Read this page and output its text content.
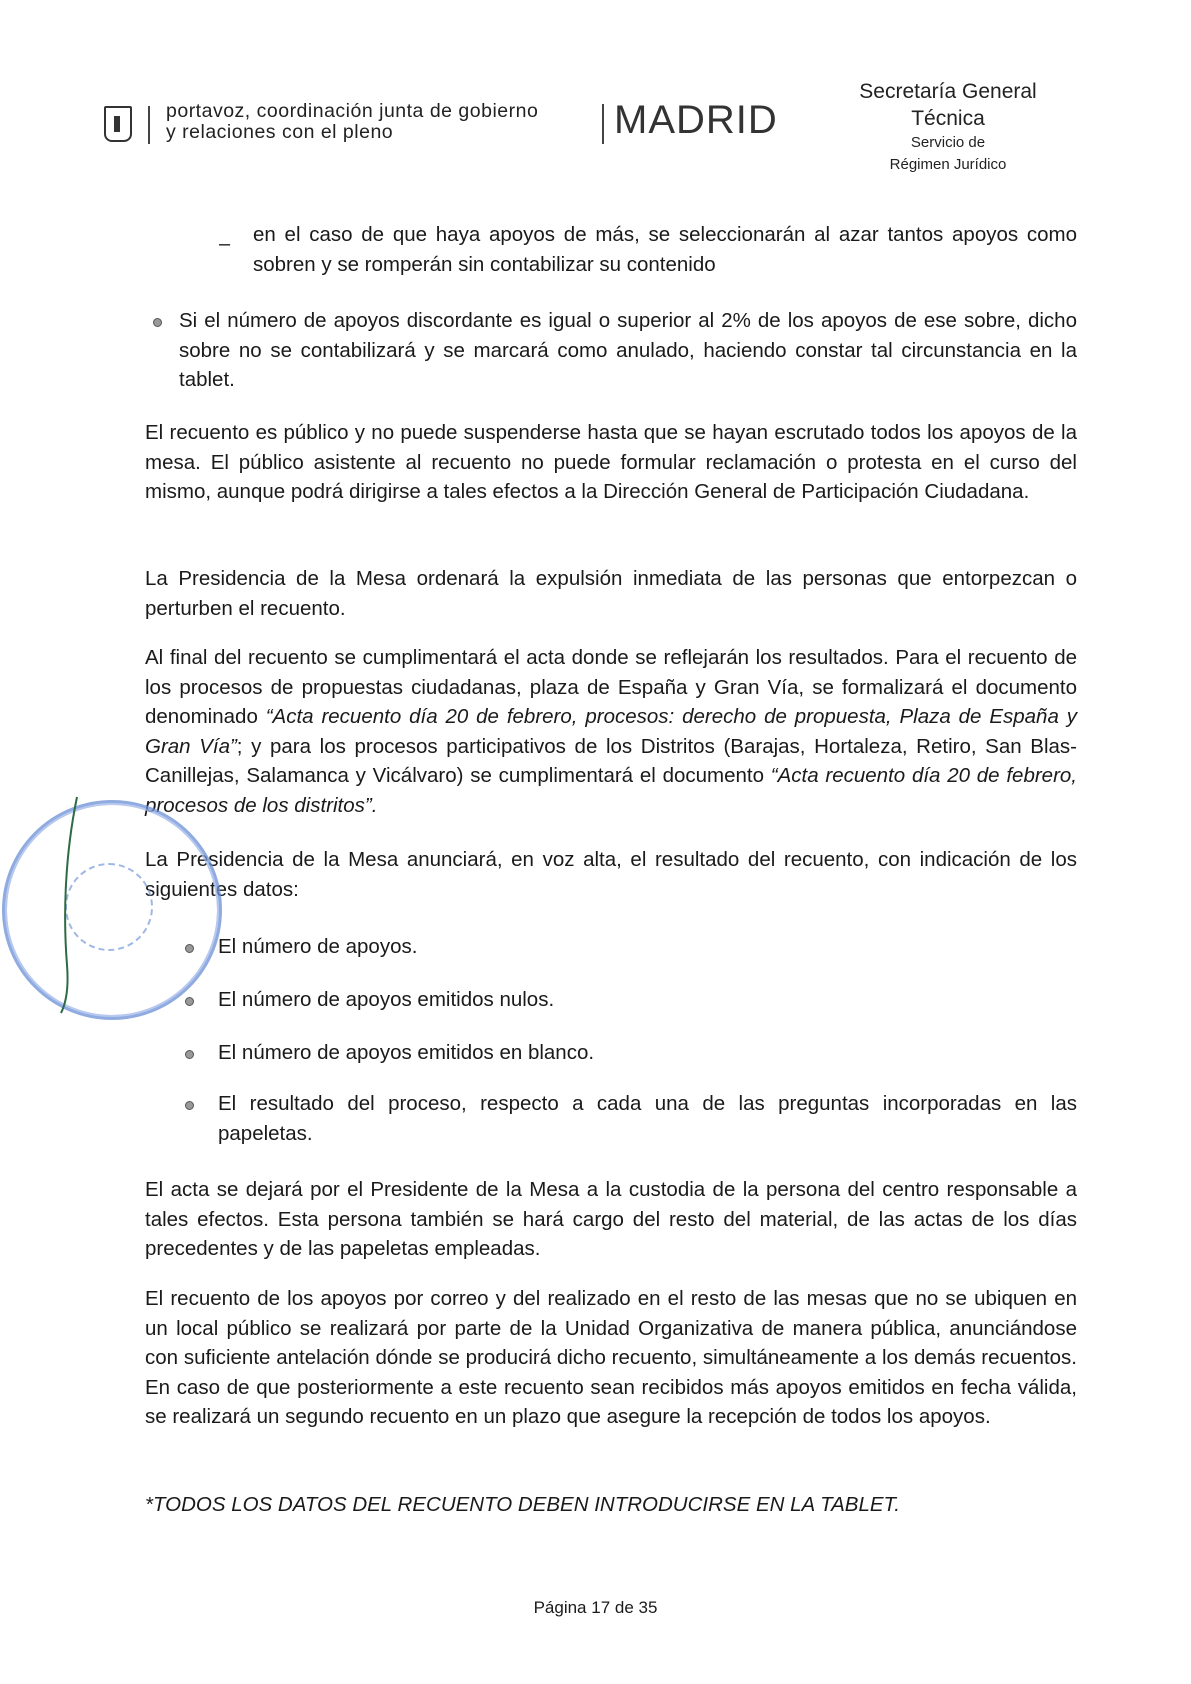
portavoz, coordinación junta de gobierno
y relaciones con el pleno	MADRID
Secretaría General
Técnica
Servicio de
Régimen Jurídico
– en el caso de que haya apoyos de más, se seleccionarán al azar tantos apoyos como sobren y se romperán sin contabilizar su contenido
Si el número de apoyos discordante es igual o superior al 2% de los apoyos de ese sobre, dicho sobre no se contabilizará y se marcará como anulado, haciendo constar tal circunstancia en la tablet.
El recuento es público y no puede suspenderse hasta que se hayan escrutado todos los apoyos de la mesa. El público asistente al recuento no puede formular reclamación o protesta en el curso del mismo, aunque podrá dirigirse a tales efectos a la Dirección General de Participación Ciudadana.
La Presidencia de la Mesa ordenará la expulsión inmediata de las personas que entorpezcan o perturben el recuento.
Al final del recuento se cumplimentará el acta donde se reflejarán los resultados. Para el recuento de los procesos de propuestas ciudadanas, plaza de España y Gran Vía, se formalizará el documento denominado “Acta recuento día 20 de febrero, procesos: derecho de propuesta, Plaza de España y Gran Vía”; y para los procesos participativos de los Distritos (Barajas, Hortaleza, Retiro, San Blas-Canillejas, Salamanca y Vicálvaro) se cumplimentará el documento “Acta recuento día 20 de febrero, procesos de los distritos”.
La Presidencia de la Mesa anunciará, en voz alta, el resultado del recuento, con indicación de los siguientes datos:
El número de apoyos.
El número de apoyos emitidos nulos.
El número de apoyos emitidos en blanco.
El resultado del proceso, respecto a cada una de las preguntas incorporadas en las papeletas.
El acta se dejará por el Presidente de la Mesa a la custodia de la persona del centro responsable a tales efectos. Esta persona también se hará cargo del resto del material, de las actas de los días precedentes y de las papeletas empleadas.
El recuento de los apoyos por correo y del realizado en el resto de las mesas que no se ubiquen en un local público se realizará por parte de la Unidad Organizativa de manera pública, anunciándose con suficiente antelación dónde se producirá dicho recuento, simultáneamente a los demás recuentos. En caso de que posteriormente a este recuento sean recibidos más apoyos emitidos en fecha válida, se realizará un segundo recuento en un plazo que asegure la recepción de todos los apoyos.
*TODOS LOS DATOS DEL RECUENTO DEBEN INTRODUCIRSE EN LA TABLET.
Página 17 de 35
